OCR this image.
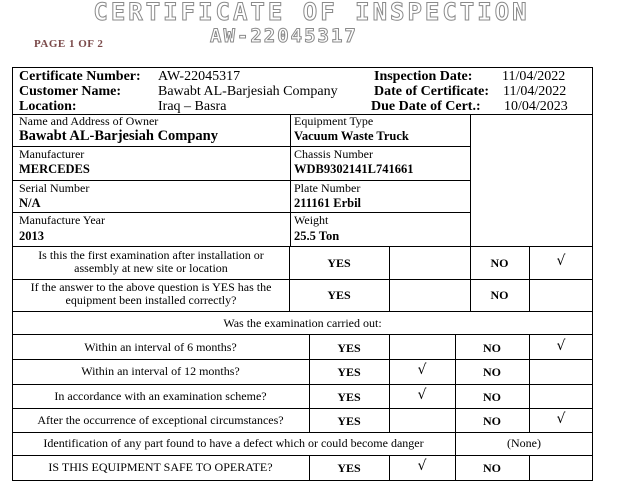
CERTIFICATE OF INSPECTION
AW-22045317
PAGE 1 OF 2
Certificate Number: AW-22045317
Customer Name:	Bawabt AL-Barjesiah Company
Location:	Iraq – Basra
Inspection Date: 11/04/2022
Date of Certificate: 11/04/2022
Due Date of Cert.: 10/04/2023
Name and Address of Owner
Bawabt AL-Barjesiah Company
Equipment Type
Vacuum Waste Truck
Manufacturer
MERCEDES
Chassis Number
WDB9302141L741661
Serial Number
N/A
Plate Number
211161 Erbil
Manufacture Year
2013
Weight
25.5 Ton
Is this the first examination after installation or assembly at new site or location	YES	NO	√
If the answer to the above question is YES has the equipment been installed correctly?	YES	NO
Was the examination carried out:
Within an interval of 6 months?	YES	NO	√
Within an interval of 12 months?	YES	√	NO
In accordance with an examination scheme?	YES	√	NO
After the occurrence of exceptional circumstances?	YES	NO	√
Identification of any part found to have a defect which or could become danger	(None)
IS THIS EQUIPMENT SAFE TO OPERATE?	YES	√	NO
